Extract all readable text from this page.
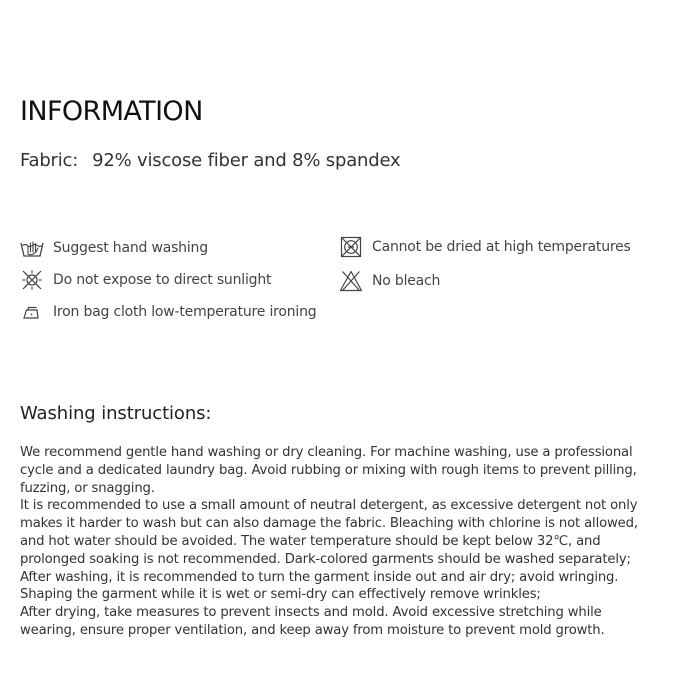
INFORMATION
Fabric: 92% viscose fiber and 8% spandex
Suggest hand washing
Do not expose to direct sunlight
Iron bag cloth low-temperature ironing
Cannot be dried at high temperatures
No bleach
Washing instructions:
We recommend gentle hand washing or dry cleaning. For machine washing, use a professional
cycle and a dedicated laundry bag. Avoid rubbing or mixing with rough items to prevent pilling,
fuzzing, or snagging.
It is recommended to use a small amount of neutral detergent, as excessive detergent not only
makes it harder to wash but can also damage the fabric. Bleaching with chlorine is not allowed,
and hot water should be avoided. The water temperature should be kept below 32℃, and
prolonged soaking is not recommended. Dark-colored garments should be washed separately;
After washing, it is recommended to turn the garment inside out and air dry; avoid wringing.
Shaping the garment while it is wet or semi-dry can effectively remove wrinkles;
After drying, take measures to prevent insects and mold. Avoid excessive stretching while
wearing, ensure proper ventilation, and keep away from moisture to prevent mold growth.
